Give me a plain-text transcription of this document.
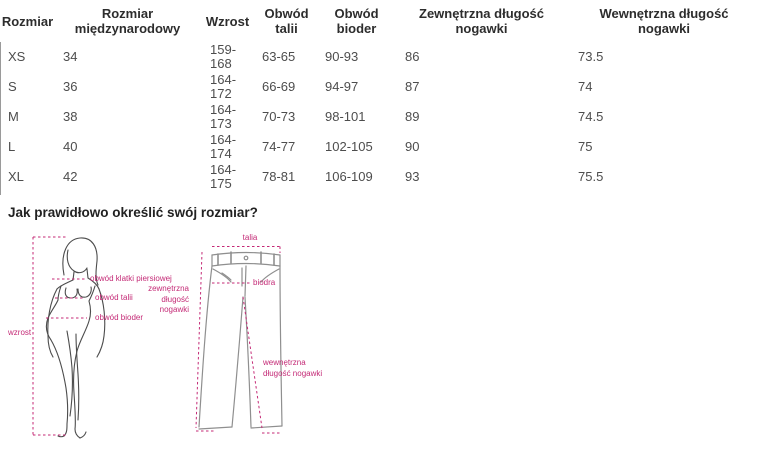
Rozmiar	Rozmiar międzynarodowy	Wzrost	Obwód talii	Obwód bioder	Zewnętrzna długość nogawki	Wewnętrzna długość nogawki
XS	34	159-168	63-65	90-93	86	73.5
S	36	164-172	66-69	94-97	87	74
M	38	164-173	70-73	98-101	89	74.5
L	40	164-174	74-77	102-105	90	75
XL	42	164-175	78-81	106-109	93	75.5
Jak prawidłowo określić swój rozmiar?
wzrost
obwód klatki piersiowej
obwód talii
obwód bioder
talia
biodra
zewnętrzna długość nogawki
wewnętrzna długość nogawki
